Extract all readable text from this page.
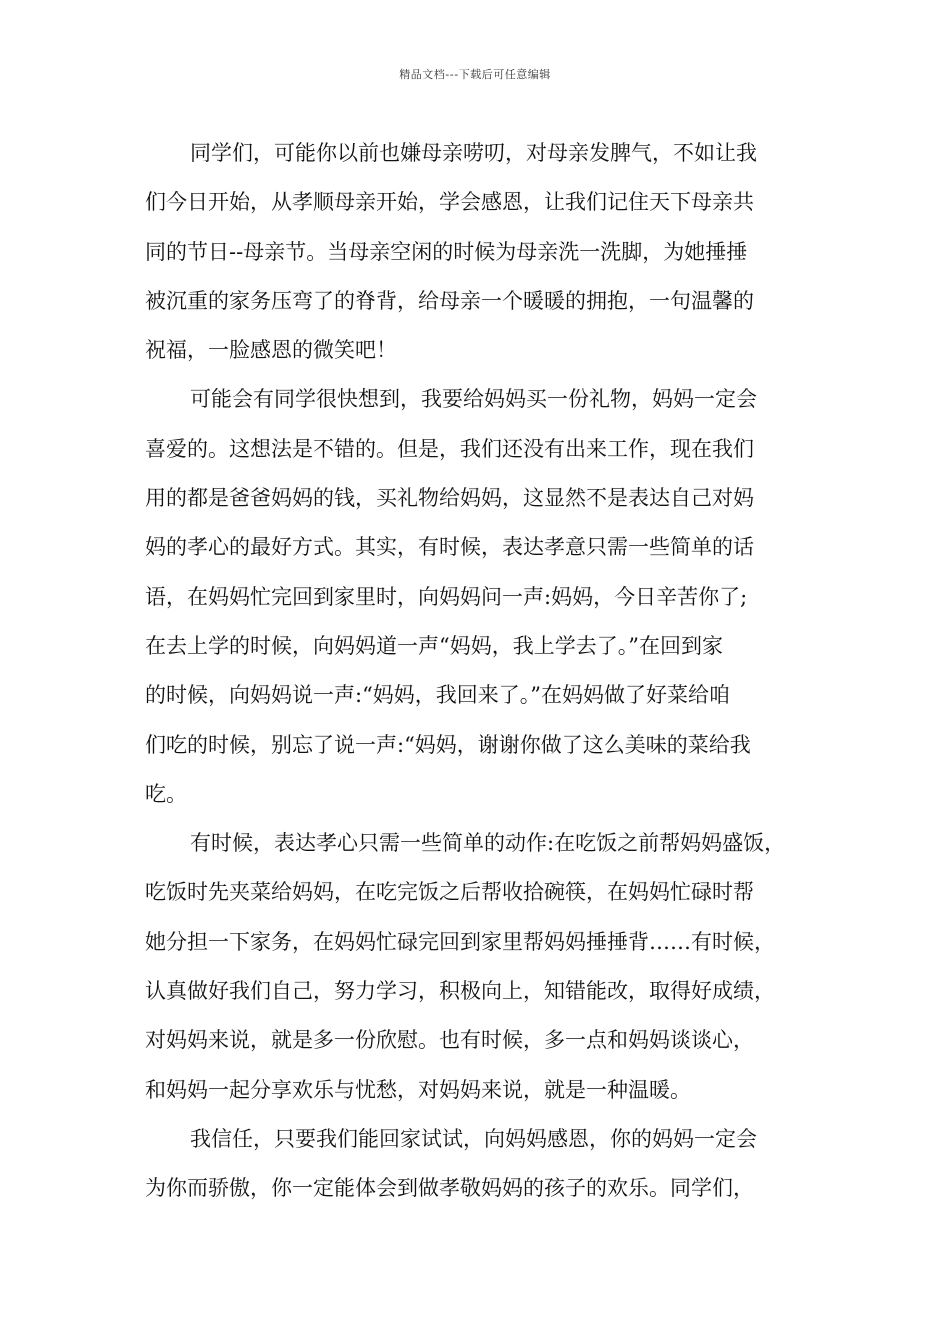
精品文档---下载后可任意编辑
同学们，可能你以前也嫌母亲唠叨，对母亲发脾气，不如让我
们今日开始，从孝顺母亲开始，学会感恩，让我们记住天下母亲共
同的节日--母亲节。当母亲空闲的时候为母亲洗一洗脚，为她捶捶
被沉重的家务压弯了的脊背，给母亲一个暖暖的拥抱，一句温馨的
祝福，一脸感恩的微笑吧！
可能会有同学很快想到，我要给妈妈买一份礼物，妈妈一定会
喜爱的。这想法是不错的。但是，我们还没有出来工作，现在我们
用的都是爸爸妈妈的钱，买礼物给妈妈，这显然不是表达自己对妈
妈的孝心的最好方式。其实，有时候，表达孝意只需一些简单的话
语，在妈妈忙完回到家里时，向妈妈问一声:妈妈，今日辛苦你了;
在去上学的时候，向妈妈道一声“妈妈，我上学去了。”在回到家
的时候，向妈妈说一声:“妈妈，我回来了。”在妈妈做了好菜给咱
们吃的时候，别忘了说一声:“妈妈，谢谢你做了这么美味的菜给我
吃。
有时候，表达孝心只需一些简单的动作:在吃饭之前帮妈妈盛饭，
吃饭时先夹菜给妈妈，在吃完饭之后帮收拾碗筷，在妈妈忙碌时帮
她分担一下家务，在妈妈忙碌完回到家里帮妈妈捶捶背……有时候，
认真做好我们自己，努力学习，积极向上，知错能改，取得好成绩，
对妈妈来说，就是多一份欣慰。也有时候，多一点和妈妈谈谈心，
和妈妈一起分享欢乐与忧愁，对妈妈来说，就是一种温暖。
我信任，只要我们能回家试试，向妈妈感恩，你的妈妈一定会
为你而骄傲，你一定能体会到做孝敬妈妈的孩子的欢乐。同学们，
